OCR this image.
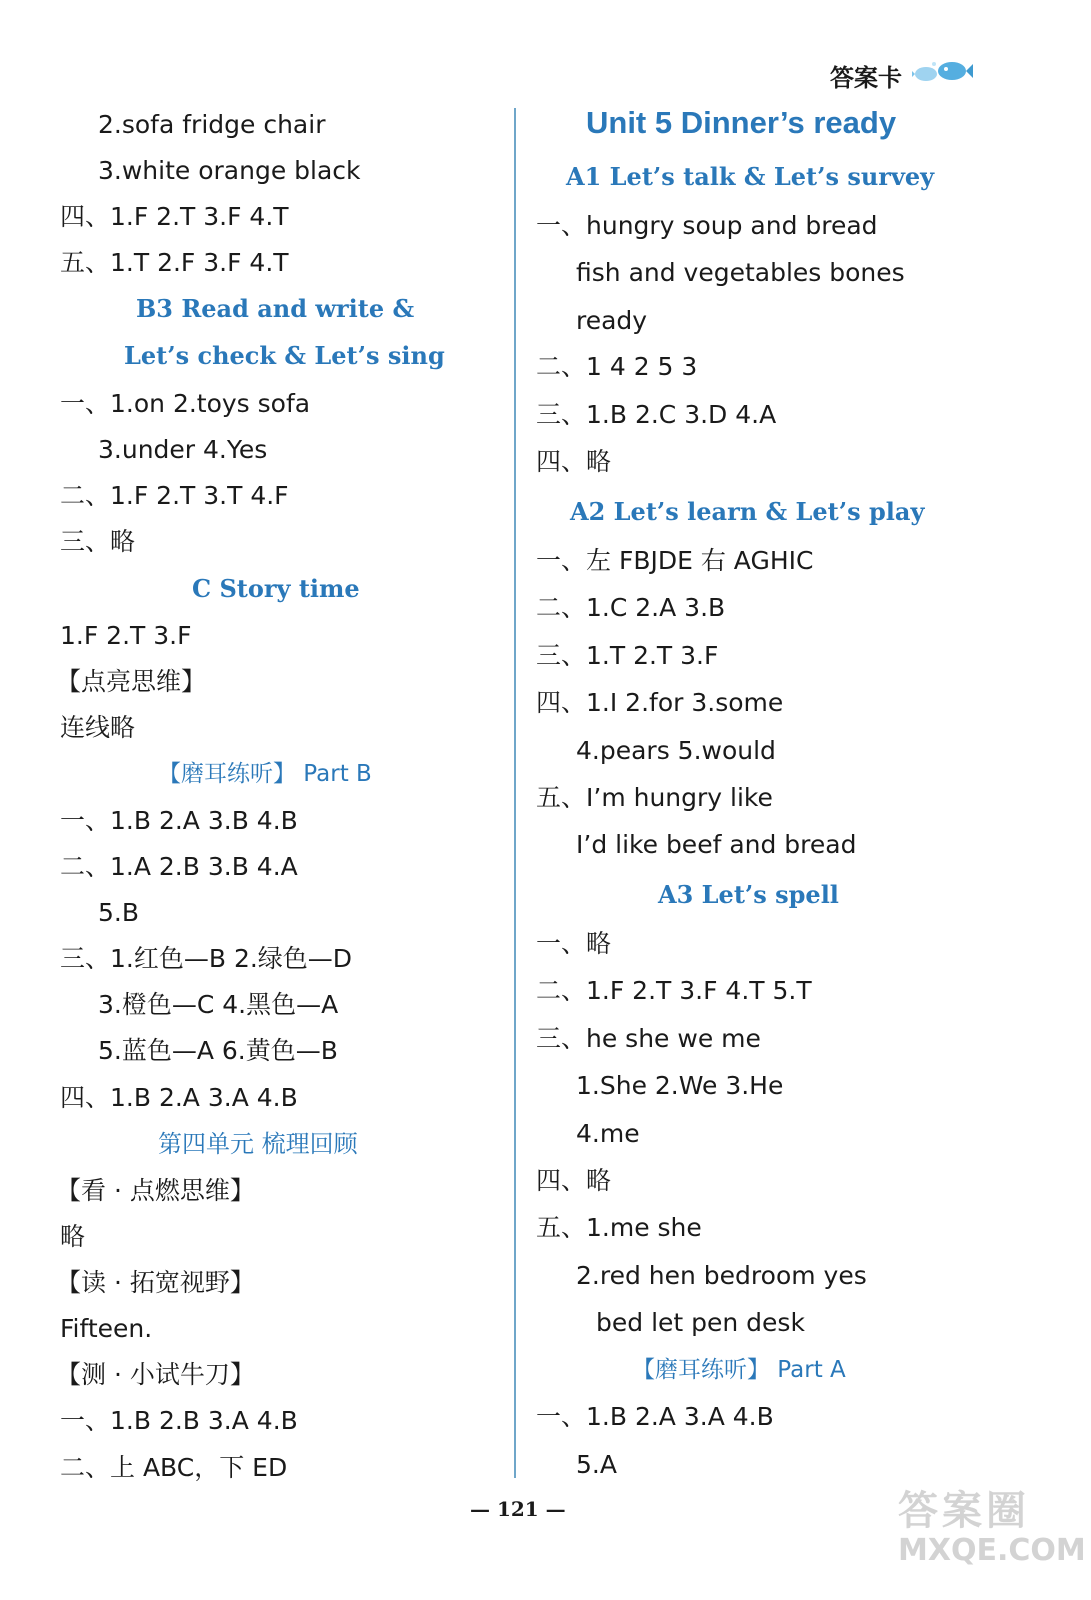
答案卡
2.sofa fridge chair
3.white orange black
四、1.F 2.T 3.F 4.T
五、1.T 2.F 3.F 4.T
B3 Read and write &
Let’s check & Let’s sing
一、1.on 2.toys sofa
3.under 4.Yes
二、1.F 2.T 3.T 4.F
三、略
C Story time
1.F 2.T 3.F
【点亮思维】
连线略
【磨耳练听】 Part B
一、1.B 2.A 3.B 4.B
二、1.A 2.B 3.B 4.A
5.B
三、1.红色—B 2.绿色—D
3.橙色—C 4.黑色—A
5.蓝色—A 6.黄色—B
四、1.B 2.A 3.A 4.B
第四单元 梳理回顾
【看 · 点燃思维】
略
【读 · 拓宽视野】
Fifteen.
【测 · 小试牛刀】
一、1.B 2.B 3.A 4.B
二、上 ABC，下 ED
Unit 5 Dinner’s ready
A1 Let’s talk & Let’s survey
一、hungry soup and bread
fish and vegetables bones
ready
二、1 4 2 5 3
三、1.B 2.C 3.D 4.A
四、略
A2 Let’s learn & Let’s play
一、左 FBJDE 右 AGHIC
二、1.C 2.A 3.B
三、1.T 2.T 3.F
四、1.I 2.for 3.some
4.pears 5.would
五、I’m hungry like
I’d like beef and bread
A3 Let’s spell
一、略
二、1.F 2.T 3.F 4.T 5.T
三、he she we me
1.She 2.We 3.He
4.me
四、略
五、1.me she
2.red hen bedroom yes
bed let pen desk
【磨耳练听】 Part A
一、1.B 2.A 3.A 4.B
5.A
— 121 —	答案圈
MXQE.COM
